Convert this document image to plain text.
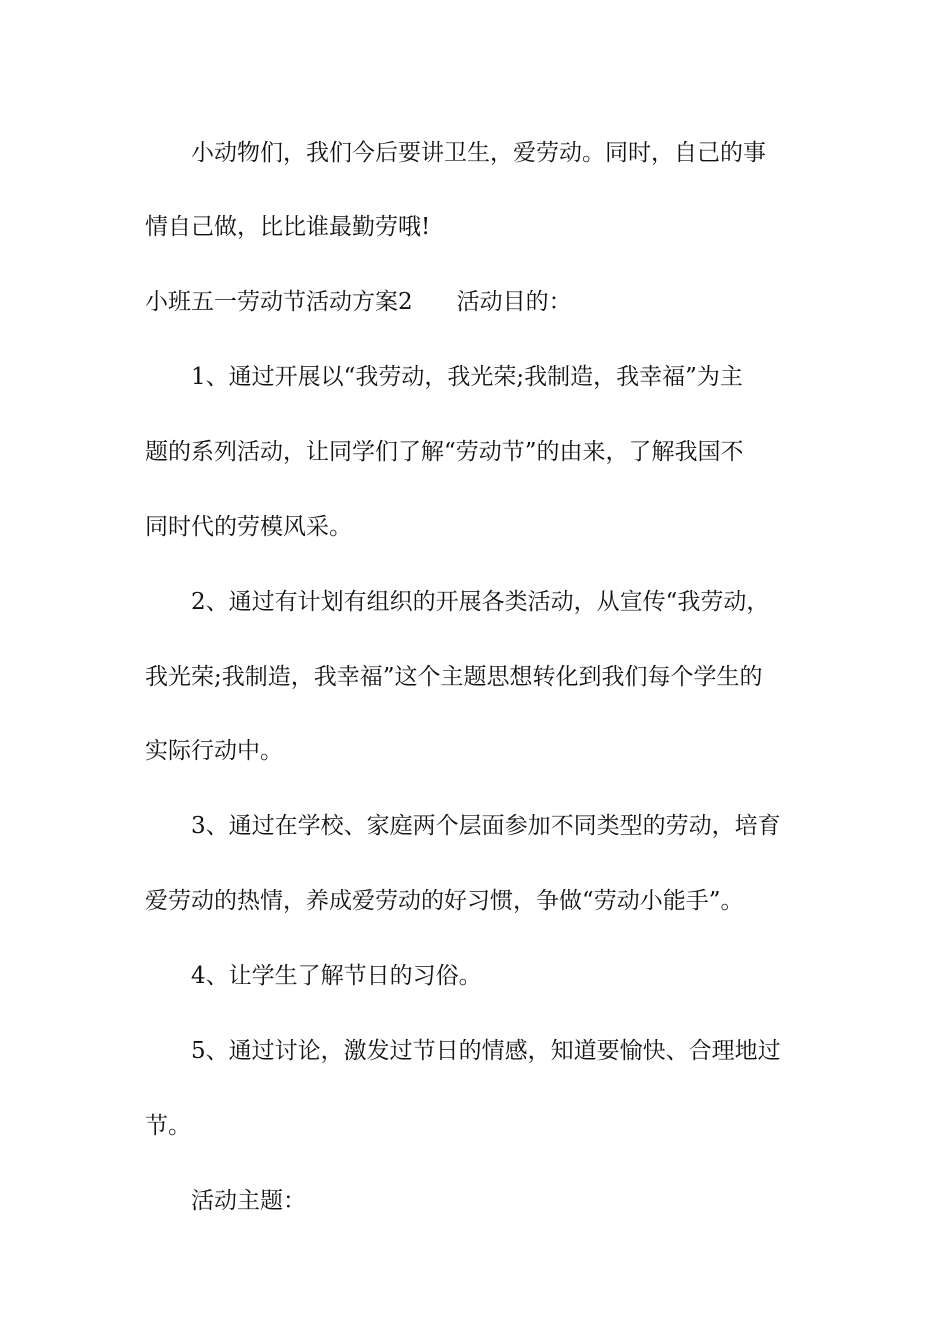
小动物们，我们今后要讲卫生，爱劳动。同时，自己的事
情自己做，比比谁最勤劳哦!
小班五一劳动节活动方案2 活动目的：
1、通过开展以“我劳动，我光荣;我制造，我幸福”为主
题的系列活动，让同学们了解“劳动节”的由来，了解我国不
同时代的劳模风采。
2、通过有计划有组织的开展各类活动，从宣传“我劳动，
我光荣;我制造，我幸福”这个主题思想转化到我们每个学生的
实际行动中。
3、通过在学校、家庭两个层面参加不同类型的劳动，培育
爱劳动的热情，养成爱劳动的好习惯，争做“劳动小能手”。
4、让学生了解节日的习俗。
5、通过讨论，激发过节日的情感，知道要愉快、合理地过
节。
活动主题：
